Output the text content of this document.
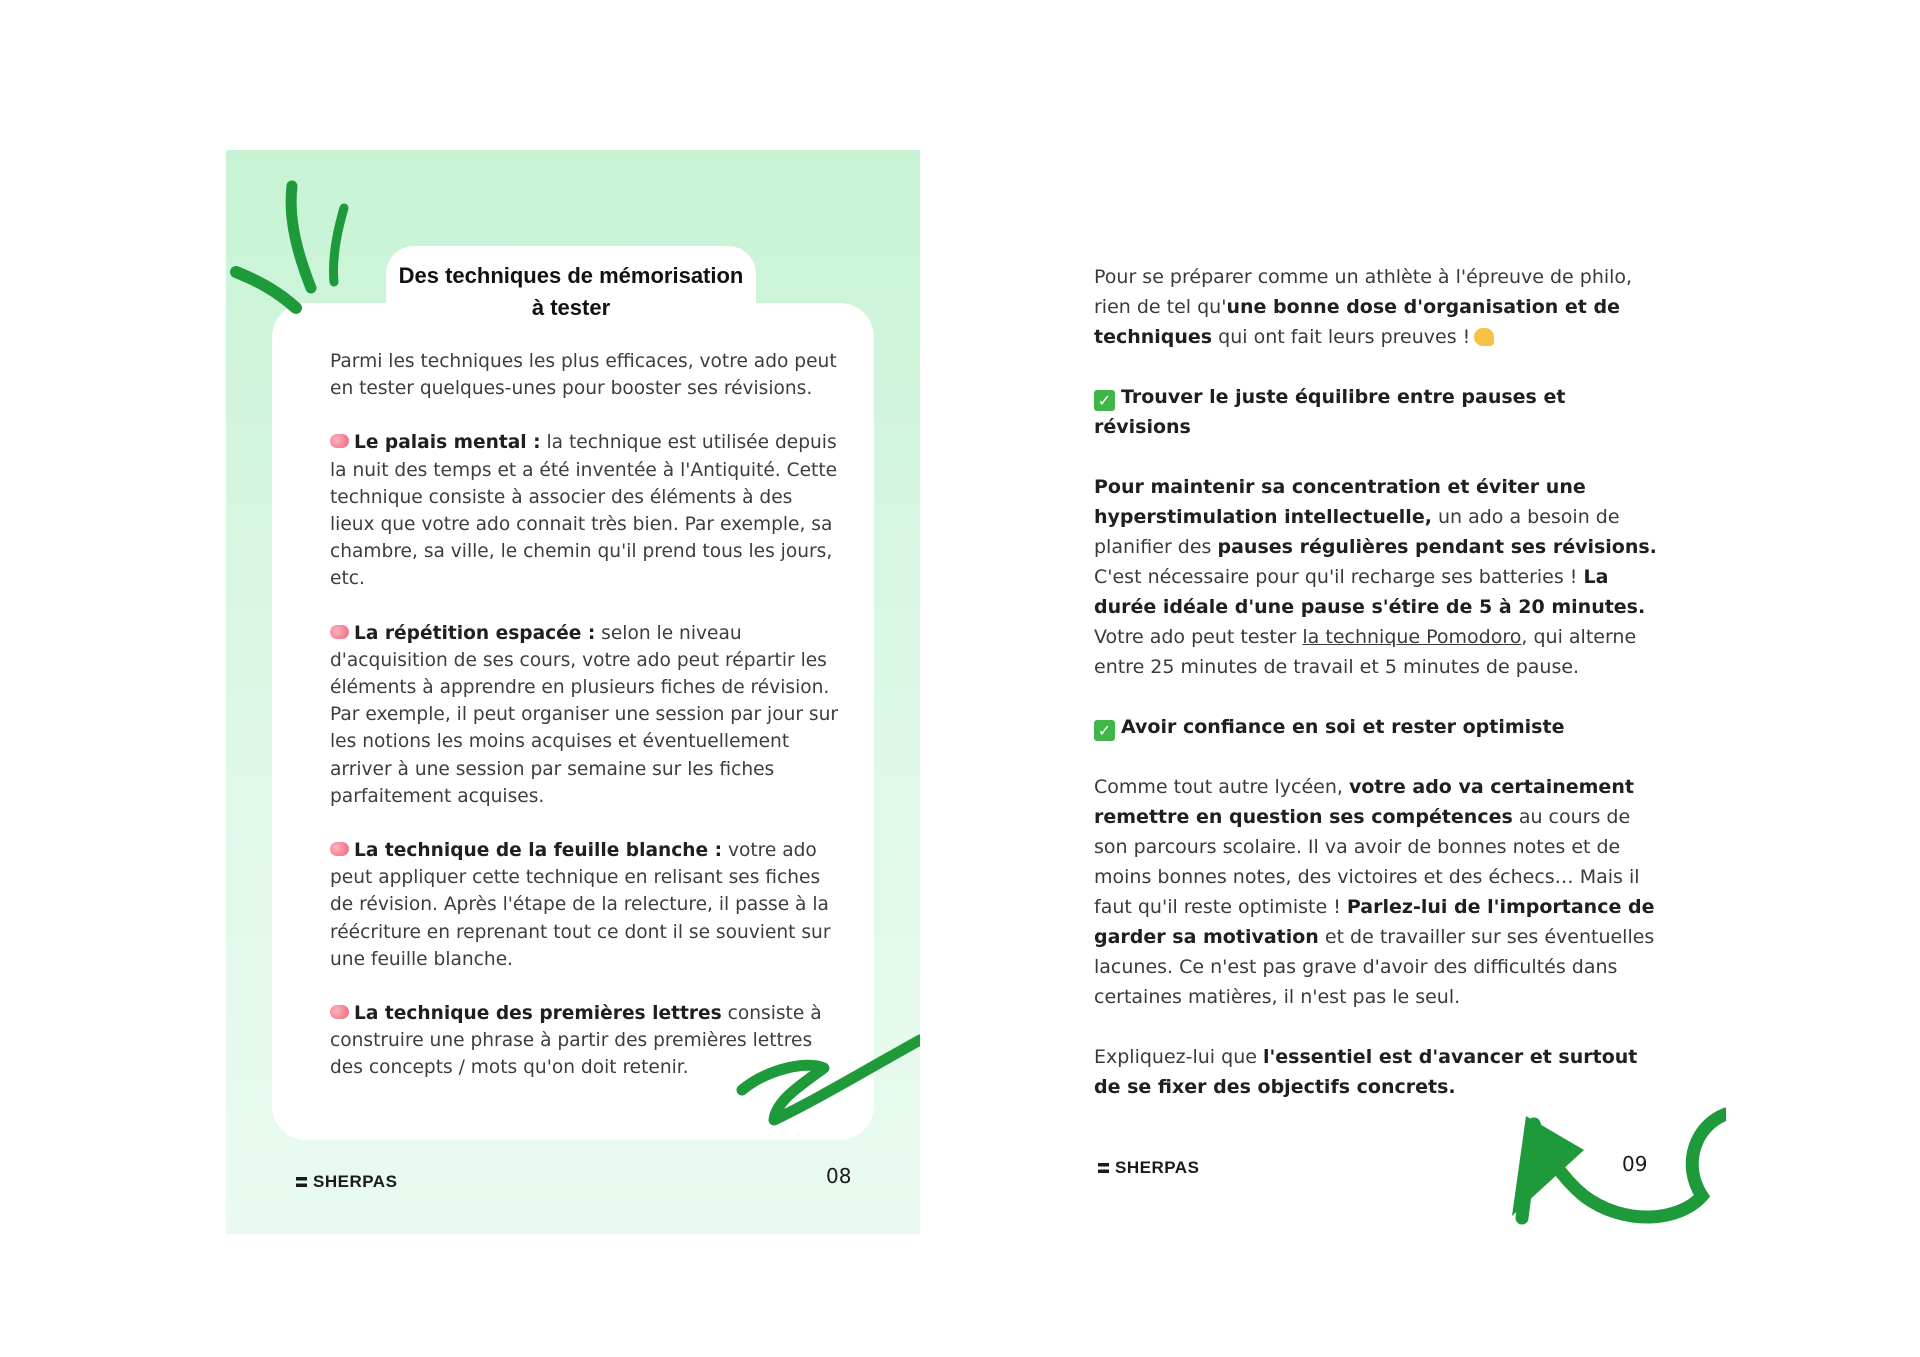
Des techniques de mémorisation
à tester

Parmi les techniques les plus efficaces, votre ado peut en tester quelques-unes pour booster ses révisions.

Le palais mental : la technique est utilisée depuis la nuit des temps et a été inventée à l'Antiquité. Cette technique consiste à associer des éléments à des lieux que votre ado connait très bien. Par exemple, sa chambre, sa ville, le chemin qu'il prend tous les jours, etc.

La répétition espacée : selon le niveau d'acquisition de ses cours, votre ado peut répartir les éléments à apprendre en plusieurs fiches de révision. Par exemple, il peut organiser une session par jour sur les notions les moins acquises et éventuellement arriver à une session par semaine sur les fiches parfaitement acquises.

La technique de la feuille blanche : votre ado peut appliquer cette technique en relisant ses fiches de révision. Après l'étape de la relecture, il passe à la réécriture en reprenant tout ce dont il se souvient sur une feuille blanche.

La technique des premières lettres consiste à construire une phrase à partir des premières lettres des concepts / mots qu'on doit retenir.

SHERPAS	08

Pour se préparer comme un athlète à l'épreuve de philo, rien de tel qu'une bonne dose d'organisation et de techniques qui ont fait leurs preuves !

✓ Trouver le juste équilibre entre pauses et révisions

Pour maintenir sa concentration et éviter une hyperstimulation intellectuelle, un ado a besoin de planifier des pauses régulières pendant ses révisions. C'est nécessaire pour qu'il recharge ses batteries ! La durée idéale d'une pause s'étire de 5 à 20 minutes. Votre ado peut tester la technique Pomodoro, qui alterne entre 25 minutes de travail et 5 minutes de pause.

✓ Avoir confiance en soi et rester optimiste

Comme tout autre lycéen, votre ado va certainement remettre en question ses compétences au cours de son parcours scolaire. Il va avoir de bonnes notes et de moins bonnes notes, des victoires et des échecs… Mais il faut qu'il reste optimiste ! Parlez-lui de l'importance de garder sa motivation et de travailler sur ses éventuelles lacunes. Ce n'est pas grave d'avoir des difficultés dans certaines matières, il n'est pas le seul.

Expliquez-lui que l'essentiel est d'avancer et surtout de se fixer des objectifs concrets.

SHERPAS	09
